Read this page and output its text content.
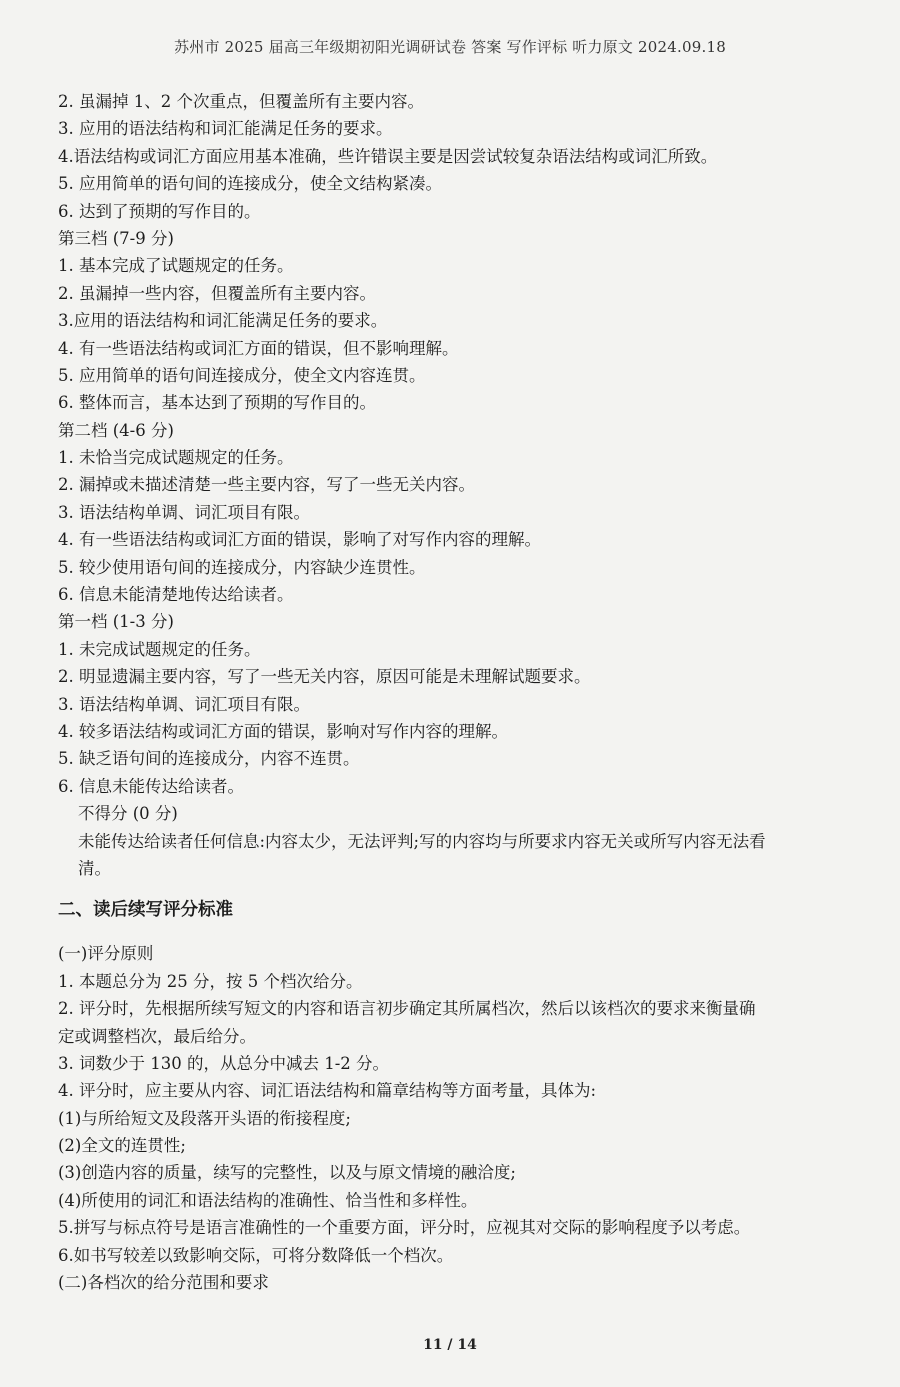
苏州市 2025 届高三年级期初阳光调研试卷 答案 写作评标 听力原文 2024.09.18
2. 虽漏掉 1、2 个次重点，但覆盖所有主要内容。
3. 应用的语法结构和词汇能满足任务的要求。
4.语法结构或词汇方面应用基本准确，些许错误主要是因尝试较复杂语法结构或词汇所致。
5. 应用简单的语句间的连接成分，使全文结构紧凑。
6. 达到了预期的写作目的。
第三档 (7-9 分)
1. 基本完成了试题规定的任务。
2. 虽漏掉一些内容，但覆盖所有主要内容。
3.应用的语法结构和词汇能满足任务的要求。
4. 有一些语法结构或词汇方面的错误，但不影响理解。
5. 应用简单的语句间连接成分，使全文内容连贯。
6. 整体而言，基本达到了预期的写作目的。
第二档 (4-6 分)
1. 未恰当完成试题规定的任务。
2. 漏掉或未描述清楚一些主要内容，写了一些无关内容。
3. 语法结构单调、词汇项目有限。
4. 有一些语法结构或词汇方面的错误，影响了对写作内容的理解。
5. 较少使用语句间的连接成分，内容缺少连贯性。
6. 信息未能清楚地传达给读者。
第一档 (1-3 分)
1. 未完成试题规定的任务。
2. 明显遗漏主要内容，写了一些无关内容，原因可能是未理解试题要求。
3. 语法结构单调、词汇项目有限。
4. 较多语法结构或词汇方面的错误，影响对写作内容的理解。
5. 缺乏语句间的连接成分，内容不连贯。
6. 信息未能传达给读者。
不得分 (0 分)
未能传达给读者任何信息:内容太少，无法评判;写的内容均与所要求内容无关或所写内容无法看
清。
二、读后续写评分标准
(一)评分原则
1. 本题总分为 25 分，按 5 个档次给分。
2. 评分时，先根据所续写短文的内容和语言初步确定其所属档次，然后以该档次的要求来衡量确
定或调整档次，最后给分。
3. 词数少于 130 的，从总分中减去 1-2 分。
4. 评分时，应主要从内容、词汇语法结构和篇章结构等方面考量，具体为:
(1)与所给短文及段落开头语的衔接程度;
(2)全文的连贯性;
(3)创造内容的质量，续写的完整性，以及与原文情境的融洽度;
(4)所使用的词汇和语法结构的准确性、恰当性和多样性。
5.拼写与标点符号是语言准确性的一个重要方面，评分时，应视其对交际的影响程度予以考虑。
6.如书写较差以致影响交际，可将分数降低一个档次。
(二)各档次的给分范围和要求
11 / 14
